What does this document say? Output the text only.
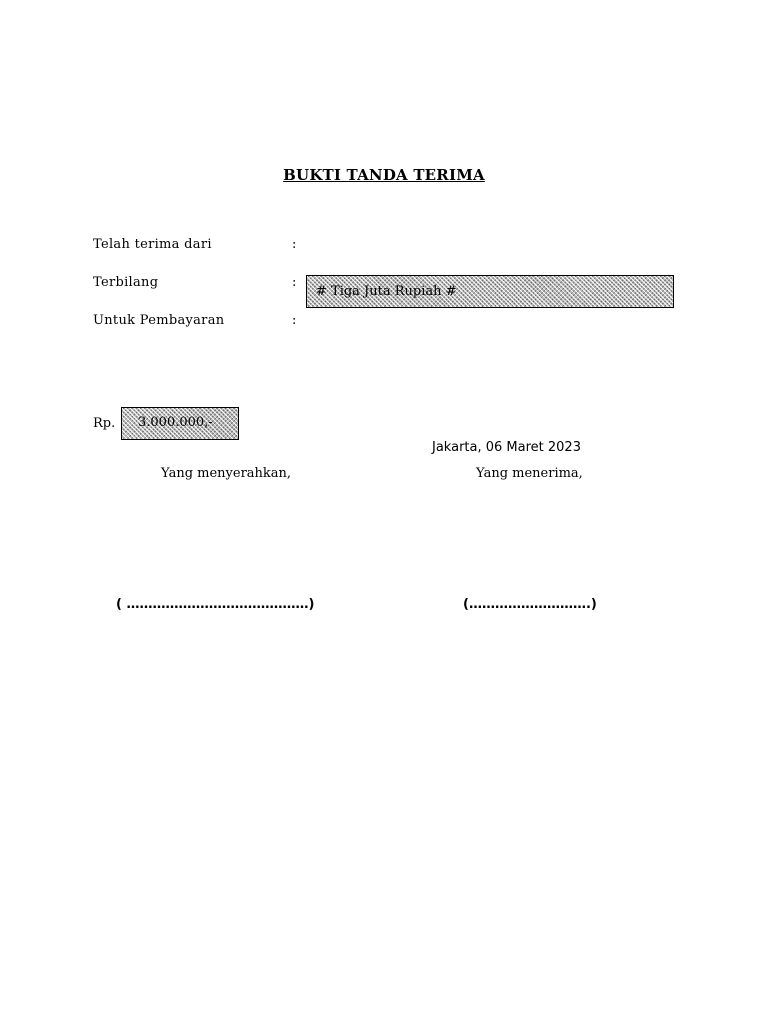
BUKTI TANDA TERIMA
Telah terima dari	:
Terbilang	:
# Tiga Juta Rupiah #
Untuk Pembayaran	:
Rp.	3.000.000,-
Jakarta, 06 Maret 2023
Yang menyerahkan,	Yang menerima,
( ……………………………………)	(……………………….)
